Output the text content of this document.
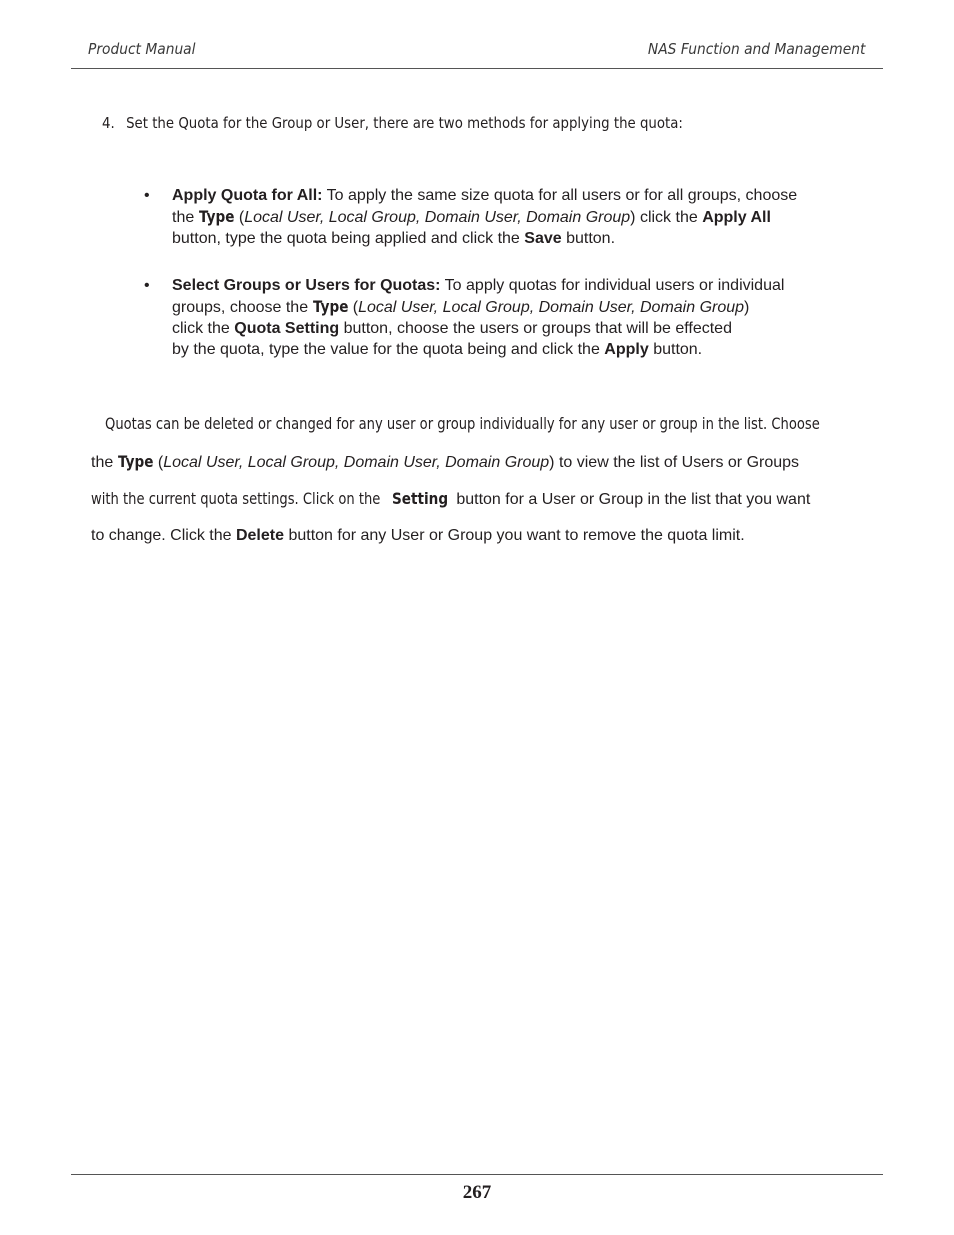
Product Manual	NAS Function and Management
4. Set the Quota for the Group or User, there are two methods for applying the quota:
• Apply Quota for All: To apply the same size quota for all users or for all groups, choose
the Type (Local User, Local Group, Domain User, Domain Group) click the Apply All
button, type the quota being applied and click the Save button.
• Select Groups or Users for Quotas: To apply quotas for individual users or individual
groups, choose the Type (Local User, Local Group, Domain User, Domain Group)
click the Quota Setting button, choose the users or groups that will be effected
by the quota, type the value for the quota being and click the Apply button.
Quotas can be deleted or changed for any user or group individually for any user or group in the list. Choose
the Type (Local User, Local Group, Domain User, Domain Group) to view the list of Users or Groups
with the current quota settings. Click on theSetting button for a User or Group in the list that you want
to change. Click the Delete button for any User or Group you want to remove the quota limit.
267
